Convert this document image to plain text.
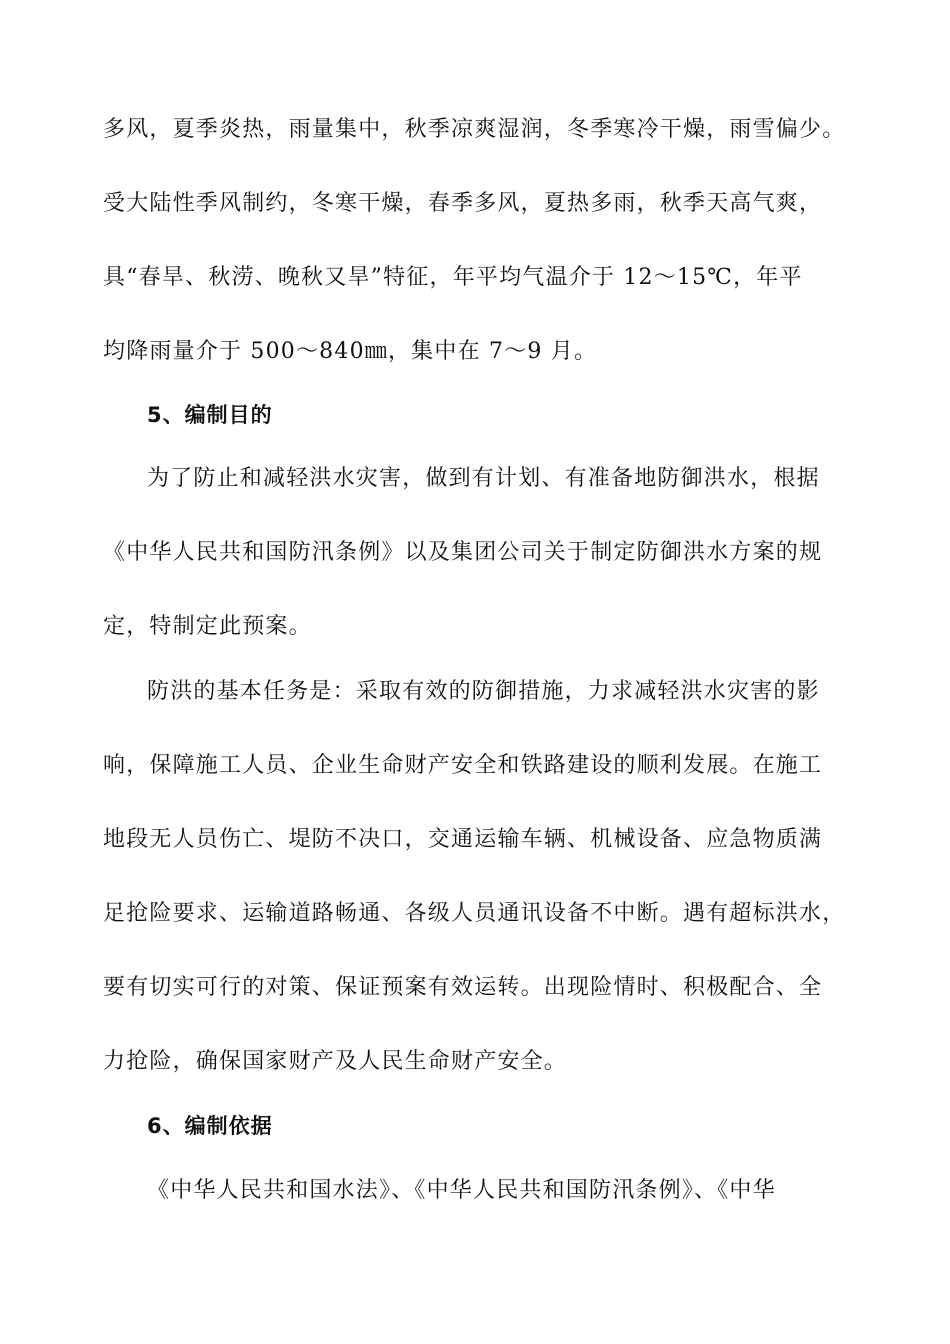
多风，夏季炎热，雨量集中，秋季凉爽湿润，冬季寒冷干燥，雨雪偏少。
受大陆性季风制约，冬寒干燥，春季多风，夏热多雨，秋季天高气爽，
具“春旱、秋涝、晚秋又旱”特征，年平均气温介于 12～15℃，年平
均降雨量介于 500～840㎜，集中在 7～9 月。
5、编制目的
为了防止和减轻洪水灾害，做到有计划、有准备地防御洪水，根据
《中华人民共和国防汛条例》以及集团公司关于制定防御洪水方案的规
定，特制定此预案。
防洪的基本任务是：采取有效的防御措施，力求减轻洪水灾害的影
响，保障施工人员、企业生命财产安全和铁路建设的顺利发展。在施工
地段无人员伤亡、堤防不决口，交通运输车辆、机械设备、应急物质满
足抢险要求、运输道路畅通、各级人员通讯设备不中断。遇有超标洪水，
要有切实可行的对策、保证预案有效运转。出现险情时、积极配合、全
力抢险，确保国家财产及人民生命财产安全。
6、编制依据
《中华人民共和国水法》、《中华人民共和国防汛条例》、《中华
